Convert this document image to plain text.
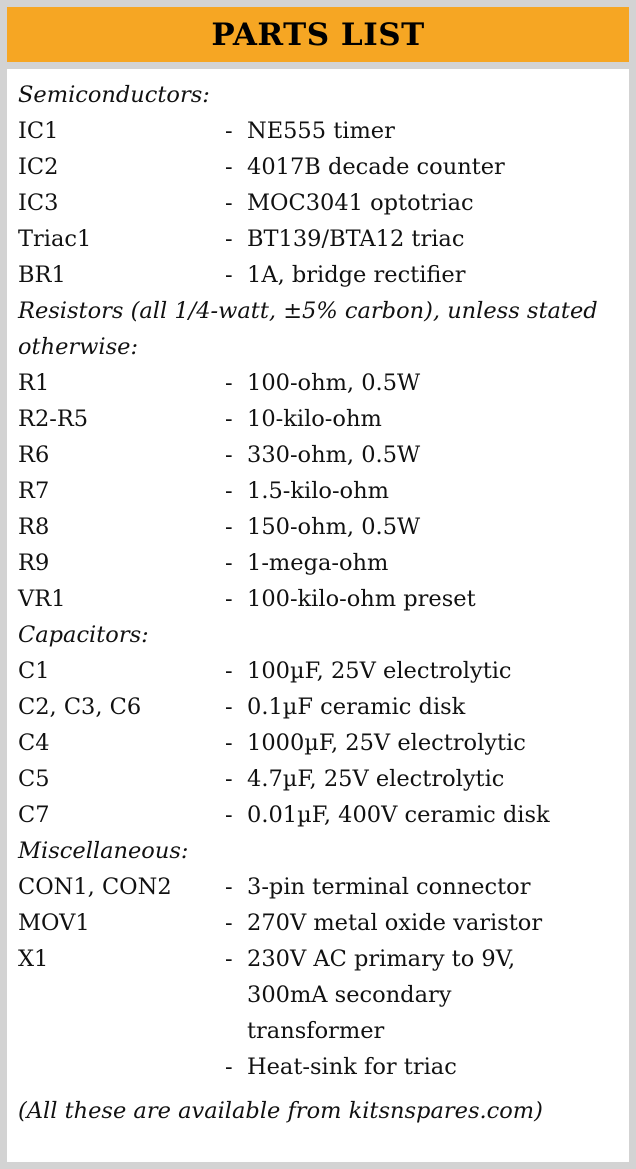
PARTS LIST
Semiconductors:
IC1	- NE555 timer
IC2	- 4017B decade counter
IC3	- MOC3041 optotriac
Triac1	- BT139/BTA12 triac
BR1	- 1A, bridge rectifier
Resistors (all 1/4-watt, ±5% carbon), unless stated otherwise:
R1	- 100-ohm, 0.5W
R2-R5	- 10-kilo-ohm
R6	- 330-ohm, 0.5W
R7	- 1.5-kilo-ohm
R8	- 150-ohm, 0.5W
R9	- 1-mega-ohm
VR1	- 100-kilo-ohm preset
Capacitors:
C1	- 100µF, 25V electrolytic
C2, C3, C6	- 0.1µF ceramic disk
C4	- 1000µF, 25V electrolytic
C5	- 4.7µF, 25V electrolytic
C7	- 0.01µF, 400V ceramic disk
Miscellaneous:
CON1, CON2	- 3-pin terminal connector
MOV1	- 270V metal oxide varistor
X1	- 230V AC primary to 9V,
300mA secondary
transformer
- Heat-sink for triac
(All these are available from kitsnspares.com)
